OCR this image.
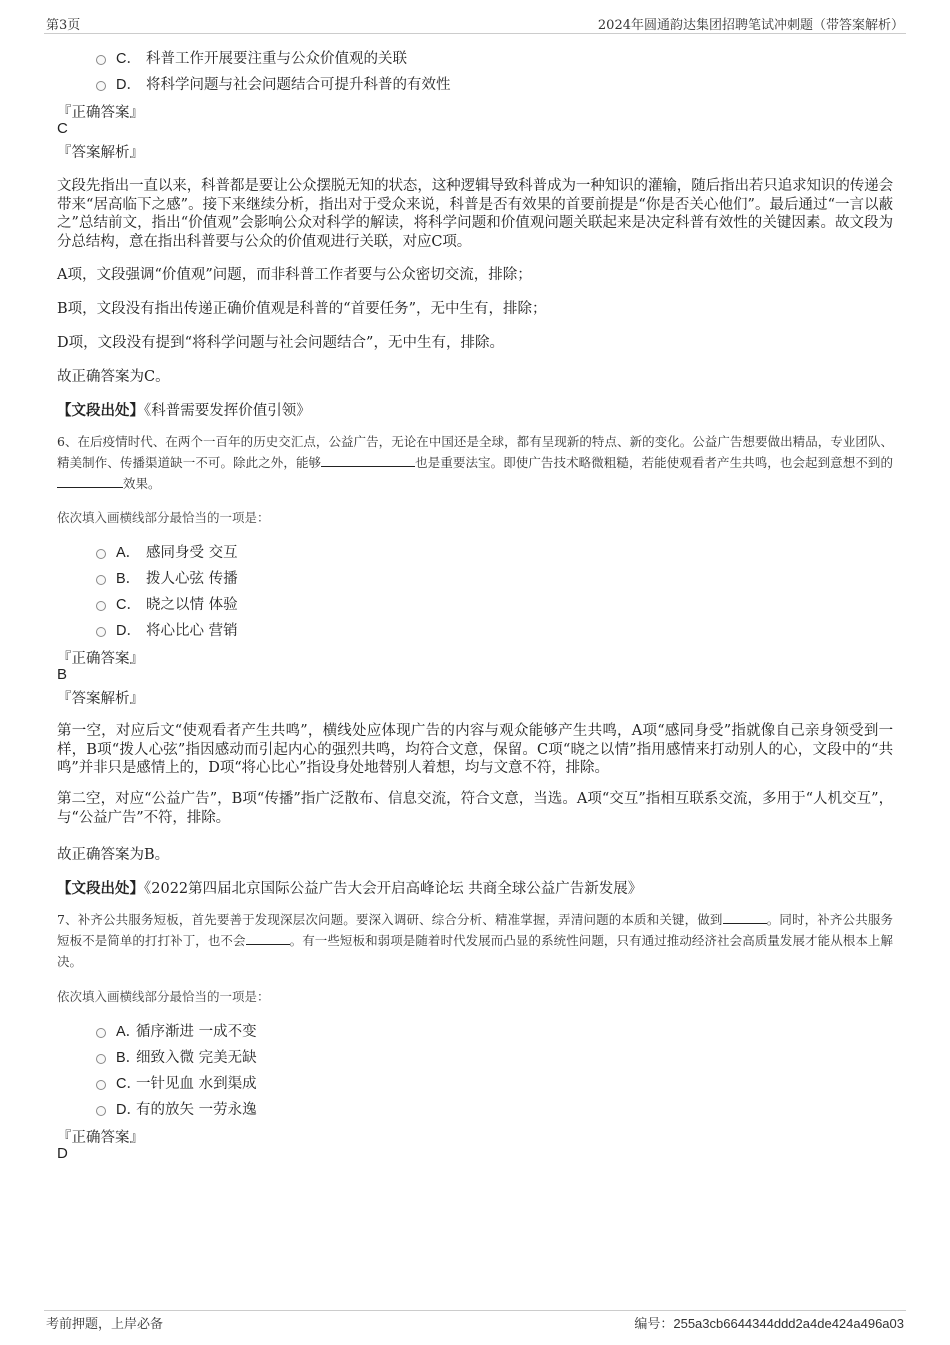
第3页	2024年圆通韵达集团招聘笔试冲刺题（带答案解析）
C． 科普工作开展要注重与公众价值观的关联
D． 将科学问题与社会问题结合可提升科普的有效性
『正确答案』
C
『答案解析』
文段先指出一直以来，科普都是要让公众摆脱无知的状态，这种逻辑导致科普成为一种知识的灌输，随后指出若只追求知识的传递会带来“居高临下之感”。接下来继续分析，指出对于受众来说，科普是否有效果的首要前提是“你是否关心他们”。最后通过“一言以蔽之”总结前文，指出“价值观”会影响公众对科学的解读，将科学问题和价值观问题关联起来是决定科普有效性的关键因素。故文段为分总结构，意在指出科普要与公众的价值观进行关联，对应C项。
A项，文段强调“价值观”问题，而非科普工作者要与公众密切交流，排除；
B项，文段没有指出传递正确价值观是科普的“首要任务”，无中生有，排除；
D项，文段没有提到“将科学问题与社会问题结合”，无中生有，排除。
故正确答案为C。
【文段出处】《科普需要发挥价值引领》
6、在后疫情时代、在两个一百年的历史交汇点，公益广告，无论在中国还是全球，都有呈现新的特点、新的变化。公益广告想要做出精品，专业团队、精美制作、传播渠道缺一不可。除此之外，能够	也是重要法宝。即使广告技术略微粗糙，若能使观看者产生共鸣，也会起到意想不到的效果。
依次填入画横线部分最恰当的一项是：
A． 感同身受 交互
B． 拨人心弦 传播
C． 晓之以情 体验
D． 将心比心 营销
『正确答案』
B
『答案解析』
第一空，对应后文“使观看者产生共鸣”，横线处应体现广告的内容与观众能够产生共鸣，A项“感同身受”指就像自己亲身领受到一样，B项“拨人心弦”指因感动而引起内心的强烈共鸣，均符合文意，保留。C项“晓之以情”指用感情来打动别人的心，文段中的“共鸣”并非只是感情上的，D项“将心比心”指设身处地替别人着想，均与文意不符，排除。
第二空，对应“公益广告”，B项“传播”指广泛散布、信息交流，符合文意，当选。A项“交互”指相互联系交流，多用于“人机交互”，与“公益广告”不符，排除。
故正确答案为B。
【文段出处】《2022第四届北京国际公益广告大会开启高峰论坛 共商全球公益广告新发展》
7、补齐公共服务短板，首先要善于发现深层次问题。要深入调研、综合分析、精准掌握，弄清问题的本质和关键，做到	。同时，补齐公共服务短板不是简单的打打补丁，也不会	。有一些短板和弱项是随着时代发展而凸显的系统性问题，只有通过推动经济社会高质量发展才能从根本上解决。
依次填入画横线部分最恰当的一项是：
A．
循序渐进 一成不变
B．
细致入微 完美无缺
C．
一针见血 水到渠成
D．
有的放矢 一劳永逸
『正确答案』
D
考前押题，上岸必备	编号：255a3cb6644344ddd2a4de424a496a03
